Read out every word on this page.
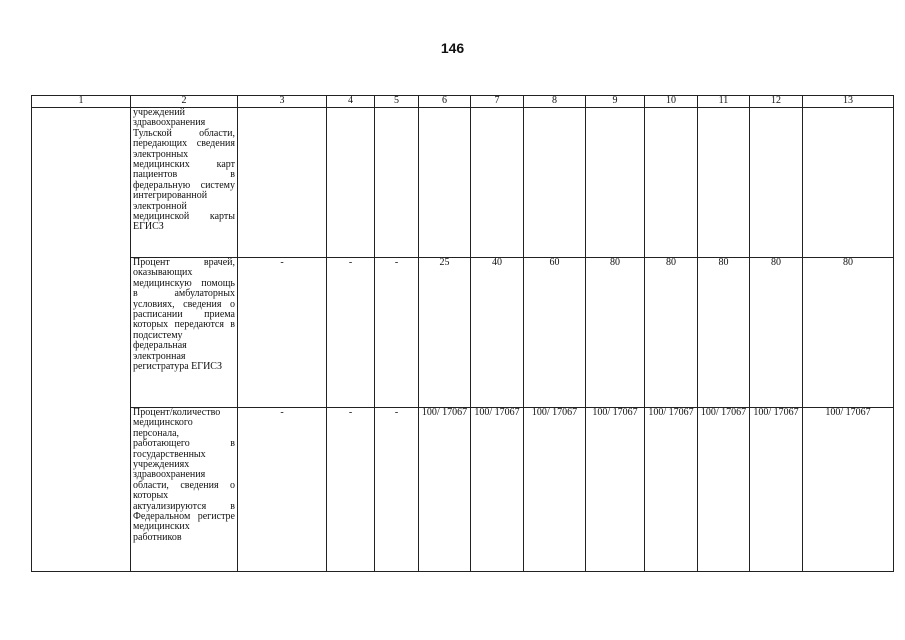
146
1	2	3	4	5	6	7	8	9	10	11	12	13
	учреждений здравоохранения Тульской области, передающих сведения электронных медицинских карт пациентов в федеральную систему интегрированной электронной медицинской карты ЕГИСЗ											
	Процент врачей, оказывающих медицинскую помощь в амбулаторных условиях, сведения о расписании приема которых передаются в подсистему федеральная электронная регистратура ЕГИСЗ	-	-	-	25	40	60	80	80	80	80	80
	Процент/количество медицинского персонала, работающего в государственных учреждениях здравоохранения области, сведения о которых актуализируются в Федеральном регистре медицинских работников	-	-	-	100/ 17067	100/ 17067	100/ 17067	100/ 17067	100/ 17067	100/ 17067	100/ 17067	100/ 17067
